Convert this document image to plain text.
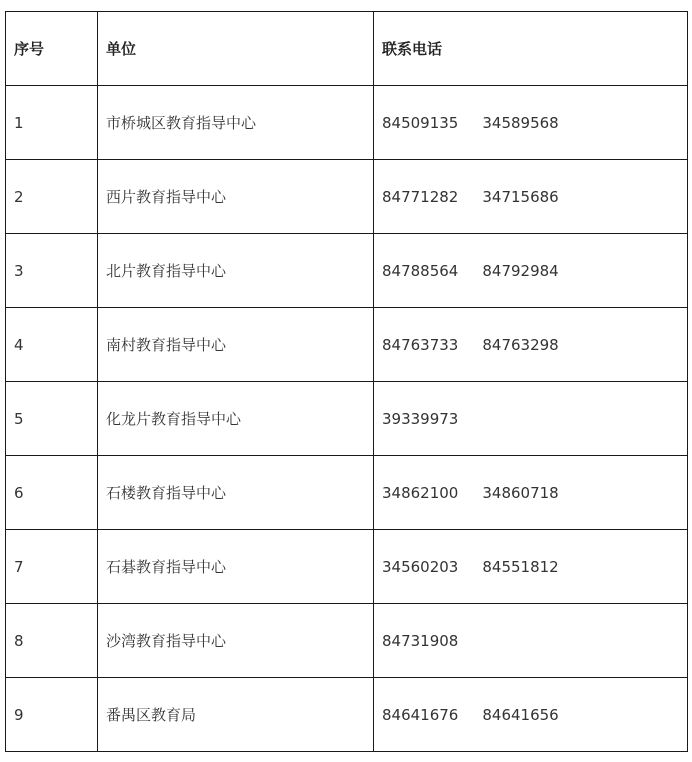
序号	单位	联系电话
1	市桥城区教育指导中心	84509135 34589568
2	西片教育指导中心	84771282 34715686
3	北片教育指导中心	84788564 84792984
4	南村教育指导中心	84763733 84763298
5	化龙片教育指导中心	39339973
6	石楼教育指导中心	34862100 34860718
7	石碁教育指导中心	34560203 84551812
8	沙湾教育指导中心	84731908
9	番禺区教育局	84641676 84641656
